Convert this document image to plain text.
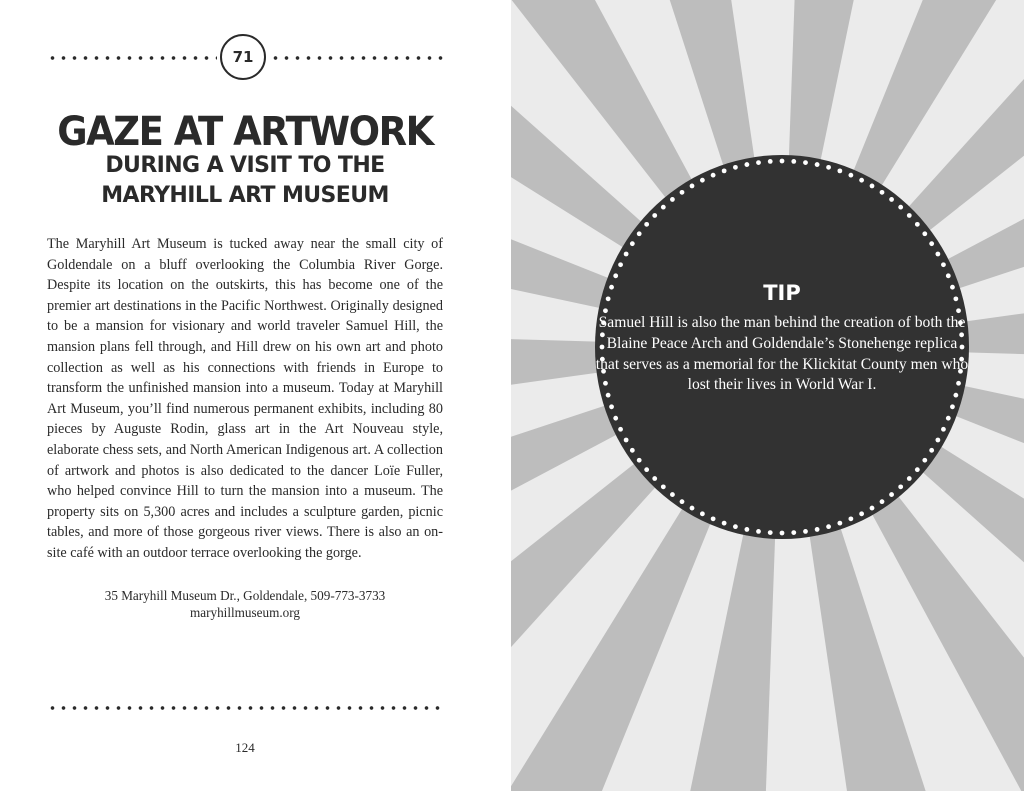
71
GAZE AT ARTWORK
DURING A VISIT TO THE
MARYHILL ART MUSEUM
The Maryhill Art Museum is tucked away near the small city of Goldendale on a bluff overlooking the Columbia River Gorge. Despite its location on the outskirts, this has become one of the premier art destinations in the Pacific Northwest. Originally designed to be a mansion for visionary and world traveler Samuel Hill, the mansion plans fell through, and Hill drew on his own art and photo collection as well as his connections with friends in Europe to transform the unfinished mansion into a museum. Today at Maryhill Art Museum, you’ll find numerous permanent exhibits, including 80 pieces by Auguste Rodin, glass art in the Art Nouveau style, elaborate chess sets, and North American Indigenous art. A collection of artwork and photos is also dedicated to the dancer Loïe Fuller, who helped convince Hill to turn the mansion into a museum. The property sits on 5,300 acres and includes a sculpture garden, picnic tables, and more of those gorgeous river views. There is also an on-site café with an outdoor terrace overlooking the gorge.
35 Maryhill Museum Dr., Goldendale, 509-773-3733
maryhillmuseum.org
124
TIP
Samuel Hill is also the man behind the creation of both the Blaine Peace Arch and Goldendale’s Stonehenge replica that serves as a memorial for the Klickitat County men who lost their lives in World War I.
